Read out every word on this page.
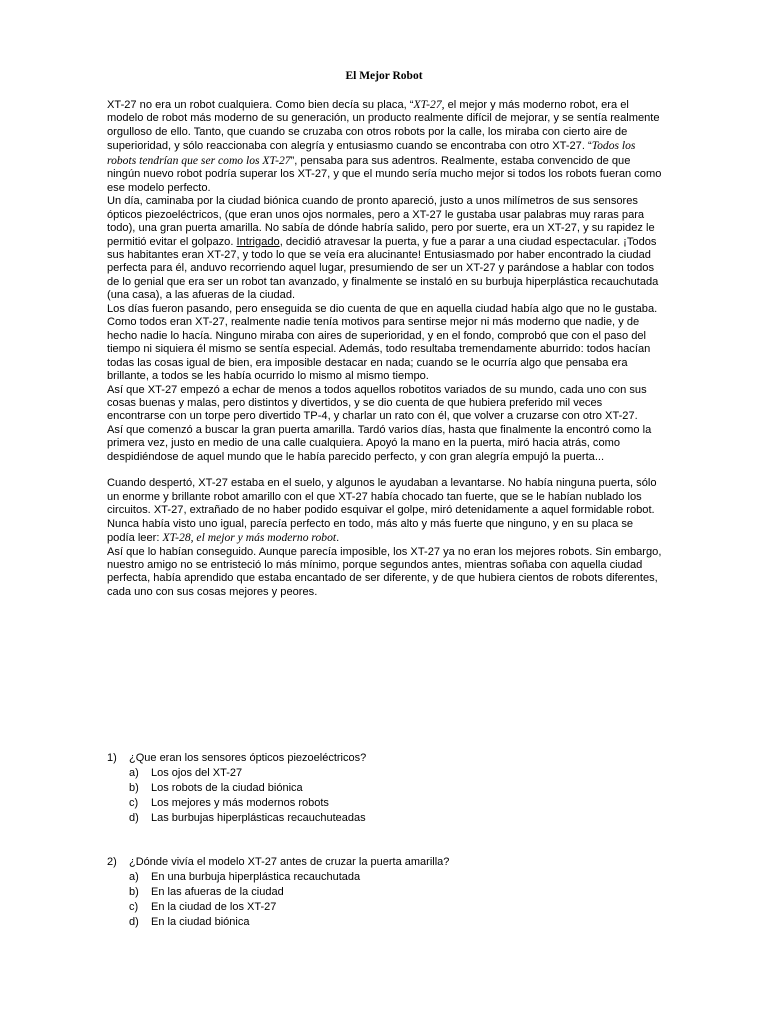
El Mejor Robot

XT-27 no era un robot cualquiera. Como bien decía su placa, “XT-27, el mejor y más moderno robot, era el modelo de robot más moderno de su generación, un producto realmente difícil de mejorar, y se sentía realmente orgulloso de ello. Tanto, que cuando se cruzaba con otros robots por la calle, los miraba con cierto aire de superioridad, y sólo reaccionaba con alegría y entusiasmo cuando se encontraba con otro XT-27. “Todos los robots tendrían que ser como los XT-27”, pensaba para sus adentros. Realmente, estaba convencido de que ningún nuevo robot podría superar los XT-27, y que el mundo sería mucho mejor si todos los robots fueran como ese modelo perfecto.

Un día, caminaba por la ciudad biónica cuando de pronto apareció, justo a unos milímetros de sus sensores ópticos piezoeléctricos, (que eran unos ojos normales, pero a XT-27 le gustaba usar palabras muy raras para todo), una gran puerta amarilla. No sabía de dónde habría salido, pero por suerte, era un XT-27, y su rapidez le permitió evitar el golpazo. Intrigado, decidió atravesar la puerta, y fue a parar a una ciudad espectacular. ¡Todos sus habitantes eran XT-27, y todo lo que se veía era alucinante! Entusiasmado por haber encontrado la ciudad perfecta para él, anduvo recorriendo aquel lugar, presumiendo de ser un XT-27 y parándose a hablar con todos de lo genial que era ser un robot tan avanzado, y finalmente se instaló en su burbuja hiperplástica recauchutada (una casa), a las afueras de la ciudad.

Los días fueron pasando, pero enseguida se dio cuenta de que en aquella ciudad había algo que no le gustaba. Como todos eran XT-27, realmente nadie tenía motivos para sentirse mejor ni más moderno que nadie, y de hecho nadie lo hacía. Ninguno miraba con aires de superioridad, y en el fondo, comprobó que con el paso del tiempo ni siquiera él mismo se sentía especial. Además, todo resultaba tremendamente aburrido: todos hacían todas las cosas igual de bien, era imposible destacar en nada; cuando se le ocurría algo que pensaba era brillante, a todos se les había ocurrido lo mismo al mismo tiempo.

Así que XT-27 empezó a echar de menos a todos aquellos robotitos variados de su mundo, cada uno con sus cosas buenas y malas, pero distintos y divertidos, y se dio cuenta de que hubiera preferido mil veces encontrarse con un torpe pero divertido TP-4, y charlar un rato con él, que volver a cruzarse con otro XT-27.

Así que comenzó a buscar la gran puerta amarilla. Tardó varios días, hasta que finalmente la encontró como la primera vez, justo en medio de una calle cualquiera. Apoyó la mano en la puerta, miró hacia atrás, como despidiéndose de aquel mundo que le había parecido perfecto, y con gran alegría empujó la puerta...

Cuando despertó, XT-27 estaba en el suelo, y algunos le ayudaban a levantarse. No había ninguna puerta, sólo un enorme y brillante robot amarillo con el que XT-27 había chocado tan fuerte, que se le habían nublado los circuitos. XT-27, extrañado de no haber podido esquivar el golpe, miró detenidamente a aquel formidable robot. Nunca había visto uno igual, parecía perfecto en todo, más alto y más fuerte que ninguno, y en su placa se podía leer: XT-28, el mejor y más moderno robot.

Así que lo habían conseguido. Aunque parecía imposible, los XT-27 ya no eran los mejores robots. Sin embargo, nuestro amigo no se entristeció lo más mínimo, porque segundos antes, mientras soñaba con aquella ciudad perfecta, había aprendido que estaba encantado de ser diferente, y de que hubiera cientos de robots diferentes, cada uno con sus cosas mejores y peores.

1)	¿Que eran los sensores ópticos piezoeléctricos?
a)	Los ojos del XT-27
b)	Los robots de la ciudad biónica
c)	Los mejores y más modernos robots
d)	Las burbujas hiperplásticas recauchuteadas
2)	¿Dónde vivía el modelo XT-27 antes de cruzar la puerta amarilla?
a)	En una burbuja hiperplástica recauchutada
b)	En las afueras de la ciudad
c)	En la ciudad de los XT-27
d)	En la ciudad biónica
